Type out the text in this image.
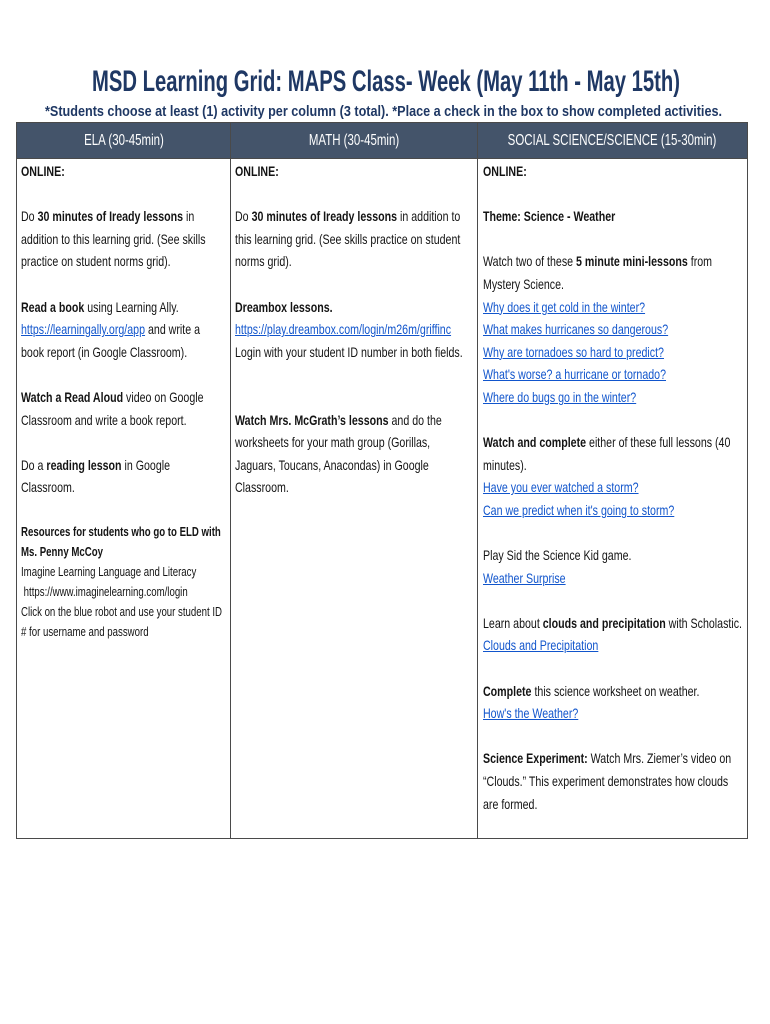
MSD Learning Grid: MAPS Class- Week (May 11th - May 15th)
*Students choose at least (1) activity per column (3 total). *Place a check in the box to show completed activities.
ELA (30-45min)	MATH (30-45min)	SOCIAL SCIENCE/SCIENCE (15-30min)
ONLINE:
Do 30 minutes of Iready lessons in
addition to this learning grid. (See skills
practice on student norms grid).
Read a book using Learning Ally.
https://learningally.org/app and write a
book report (in Google Classroom).
Watch a Read Aloud video on Google
Classroom and write a book report.
Do a reading lesson in Google
Classroom.
Resources for students who go to ELD with
Ms. Penny McCoy
Imagine Learning Language and Literacy
https://www.imaginelearning.com/login
Click on the blue robot and use your student ID
# for username and password
ONLINE:
Do 30 minutes of Iready lessons in addition to
this learning grid. (See skills practice on student
norms grid).
Dreambox lessons.
https://play.dreambox.com/login/m26m/griffinc
Login with your student ID number in both fields.
Watch Mrs. McGrath’s lessons and do the
worksheets for your math group (Gorillas,
Jaguars, Toucans, Anacondas) in Google
Classroom.
ONLINE:
Theme: Science - Weather
Watch two of these 5 minute mini-lessons from
Mystery Science.
Why does it get cold in the winter?
What makes hurricanes so dangerous?
Why are tornadoes so hard to predict?
What's worse? a hurricane or tornado?
Where do bugs go in the winter?
Watch and complete either of these full lessons (40
minutes).
Have you ever watched a storm?
Can we predict when it's going to storm?
Play Sid the Science Kid game.
Weather Surprise
Learn about clouds and precipitation with Scholastic.
Clouds and Precipitation
Complete this science worksheet on weather.
How's the Weather?
Science Experiment: Watch Mrs. Ziemer’s video on
“Clouds.” This experiment demonstrates how clouds
are formed.
